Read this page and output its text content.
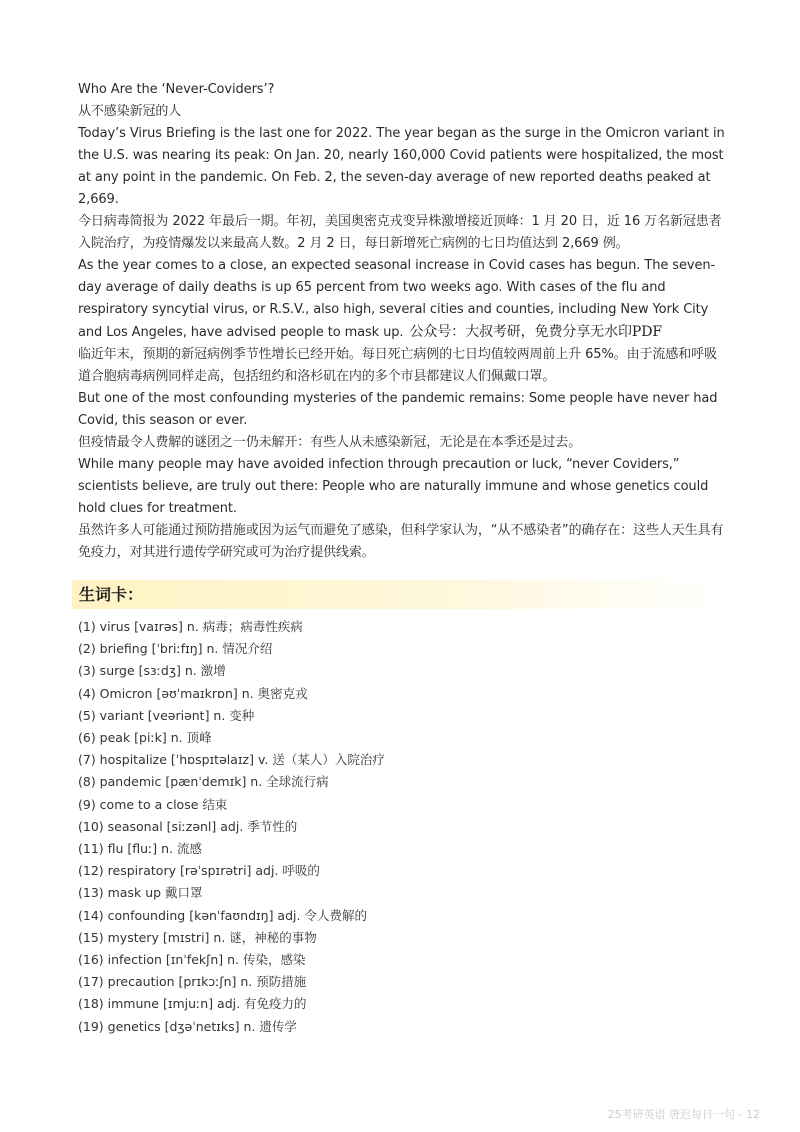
Who Are the ‘Never-Coviders’?

从不感染新冠的人

Today’s Virus Briefing is the last one for 2022. The year began as the surge in the Omicron variant in the U.S. was nearing its peak: On Jan. 20, nearly 160,000 Covid patients were hospitalized, the most at any point in the pandemic. On Feb. 2, the seven-day average of new reported deaths peaked at 2,669.

今日病毒简报为 2022 年最后一期。年初，美国奥密克戎变异株激增接近顶峰：1 月 20 日，近 16 万名新冠患者入院治疗，为疫情爆发以来最高人数。2 月 2 日，每日新增死亡病例的七日均值达到 2,669 例。

As the year comes to a close, an expected seasonal increase in Covid cases has begun. The seven-day average of daily deaths is up 65 percent from two weeks ago. With cases of the flu and respiratory syncytial virus, or R.S.V., also high, several cities and counties, including New York City and Los Angeles, have advised people to mask up. 公众号：大叔考研，免费分享无水印PDF

临近年末，预期的新冠病例季节性增长已经开始。每日死亡病例的七日均值较两周前上升 65%。由于流感和呼吸道合胞病毒病例同样走高，包括纽约和洛杉矶在内的多个市县都建议人们佩戴口罩。

But one of the most confounding mysteries of the pandemic remains: Some people have never had Covid, this season or ever.

但疫情最令人费解的谜团之一仍未解开：有些人从未感染新冠，无论是在本季还是过去。

While many people may have avoided infection through precaution or luck, “never Coviders,” scientists believe, are truly out there: People who are naturally immune and whose genetics could hold clues for treatment.

虽然许多人可能通过预防措施或因为运气而避免了感染，但科学家认为，“从不感染者”的确存在：这些人天生具有免疫力，对其进行遗传学研究或可为治疗提供线索。

生词卡：
(1) virus [vaɪrəs] n. 病毒；病毒性疾病
(2) briefing [ˈbriːfɪŋ] n. 情况介绍
(3) surge [sɜːdʒ] n. 激增
(4) Omicron [əʊˈmaɪkrɒn] n. 奥密克戎
(5) variant [veəriənt] n. 变种
(6) peak [piːk] n. 顶峰
(7) hospitalize [ˈhɒspɪtəlaɪz] v. 送（某人）入院治疗
(8) pandemic [pænˈdemɪk] n. 全球流行病
(9) come to a close 结束
(10) seasonal [siːzənl] adj. 季节性的
(11) flu [fluː] n. 流感
(12) respiratory [rəˈspɪrətri] adj. 呼吸的
(13) mask up 戴口罩
(14) confounding [kənˈfaʊndɪŋ] adj. 令人费解的
(15) mystery [mɪstri] n. 谜，神秘的事物
(16) infection [ɪnˈfekʃn] n. 传染，感染
(17) precaution [prɪkɔːʃn] n. 预防措施
(18) immune [ɪmjuːn] adj. 有免疫力的
(19) genetics [dʒəˈnetɪks] n. 遗传学
25考研英语 唐迟每日一句 - 12
